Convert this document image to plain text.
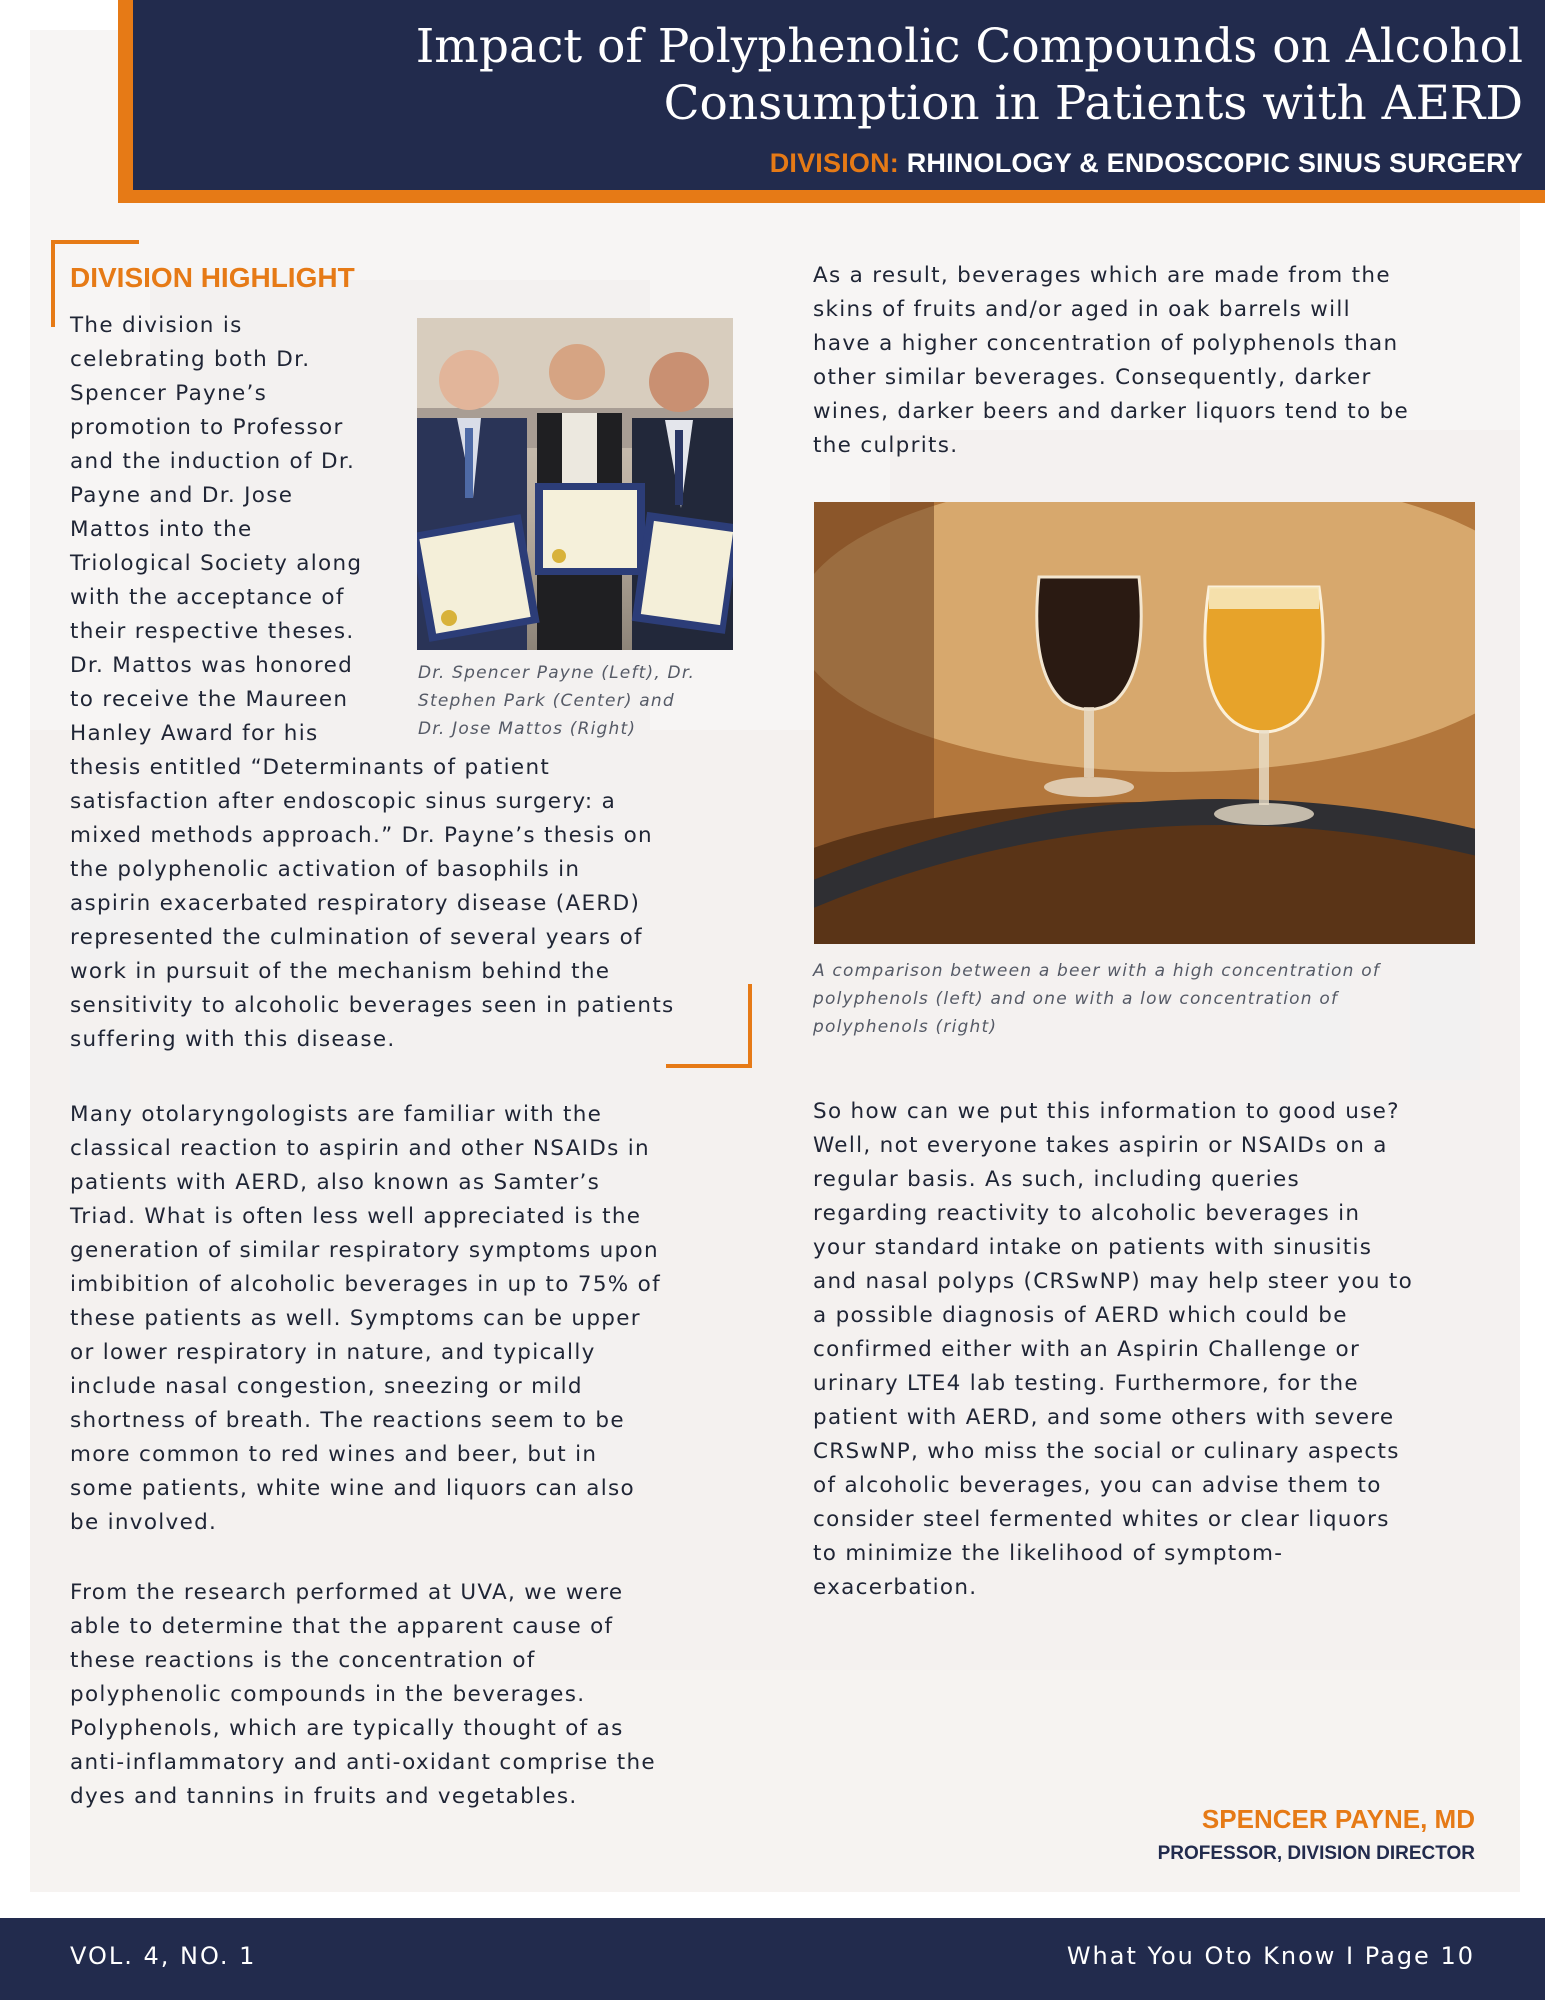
Impact of Polyphenolic Compounds on Alcohol
Consumption in Patients with AERD
DIVISION: RHINOLOGY & ENDOSCOPIC SINUS SURGERY
DIVISION HIGHLIGHT
The division is
celebrating both Dr.
Spencer Payne’s
promotion to Professor
and the induction of Dr.
Payne and Dr. Jose
Mattos into the
Triological Society along
with the acceptance of
their respective theses.
Dr. Mattos was honored
to receive the Maureen
Hanley Award for his
Dr. Spencer Payne (Left), Dr.
Stephen Park (Center) and
Dr. Jose Mattos (Right)
thesis entitled “Determinants of patient
satisfaction after endoscopic sinus surgery: a
mixed methods approach.” Dr. Payne’s thesis on
the polyphenolic activation of basophils in
aspirin exacerbated respiratory disease (AERD)
represented the culmination of several years of
work in pursuit of the mechanism behind the
sensitivity to alcoholic beverages seen in patients
suffering with this disease.
Many otolaryngologists are familiar with the
classical reaction to aspirin and other NSAIDs in
patients with AERD, also known as Samter’s
Triad. What is often less well appreciated is the
generation of similar respiratory symptoms upon
imbibition of alcoholic beverages in up to 75% of
these patients as well. Symptoms can be upper
or lower respiratory in nature, and typically
include nasal congestion, sneezing or mild
shortness of breath. The reactions seem to be
more common to red wines and beer, but in
some patients, white wine and liquors can also
be involved.
From the research performed at UVA, we were
able to determine that the apparent cause of
these reactions is the concentration of
polyphenolic compounds in the beverages.
Polyphenols, which are typically thought of as
anti-inflammatory and anti-oxidant comprise the
dyes and tannins in fruits and vegetables.
As a result, beverages which are made from the
skins of fruits and/or aged in oak barrels will
have a higher concentration of polyphenols than
other similar beverages. Consequently, darker
wines, darker beers and darker liquors tend to be
the culprits.
A comparison between a beer with a high concentration of
polyphenols (left) and one with a low concentration of
polyphenols (right)
So how can we put this information to good use?
Well, not everyone takes aspirin or NSAIDs on a
regular basis. As such, including queries
regarding reactivity to alcoholic beverages in
your standard intake on patients with sinusitis
and nasal polyps (CRSwNP) may help steer you to
a possible diagnosis of AERD which could be
confirmed either with an Aspirin Challenge or
urinary LTE4 lab testing. Furthermore, for the
patient with AERD, and some others with severe
CRSwNP, who miss the social or culinary aspects
of alcoholic beverages, you can advise them to
consider steel fermented whites or clear liquors
to minimize the likelihood of symptom-
exacerbation.
SPENCER PAYNE, MD
PROFESSOR, DIVISION DIRECTOR
VOL. 4, NO. 1	What You Oto Know I Page 10
